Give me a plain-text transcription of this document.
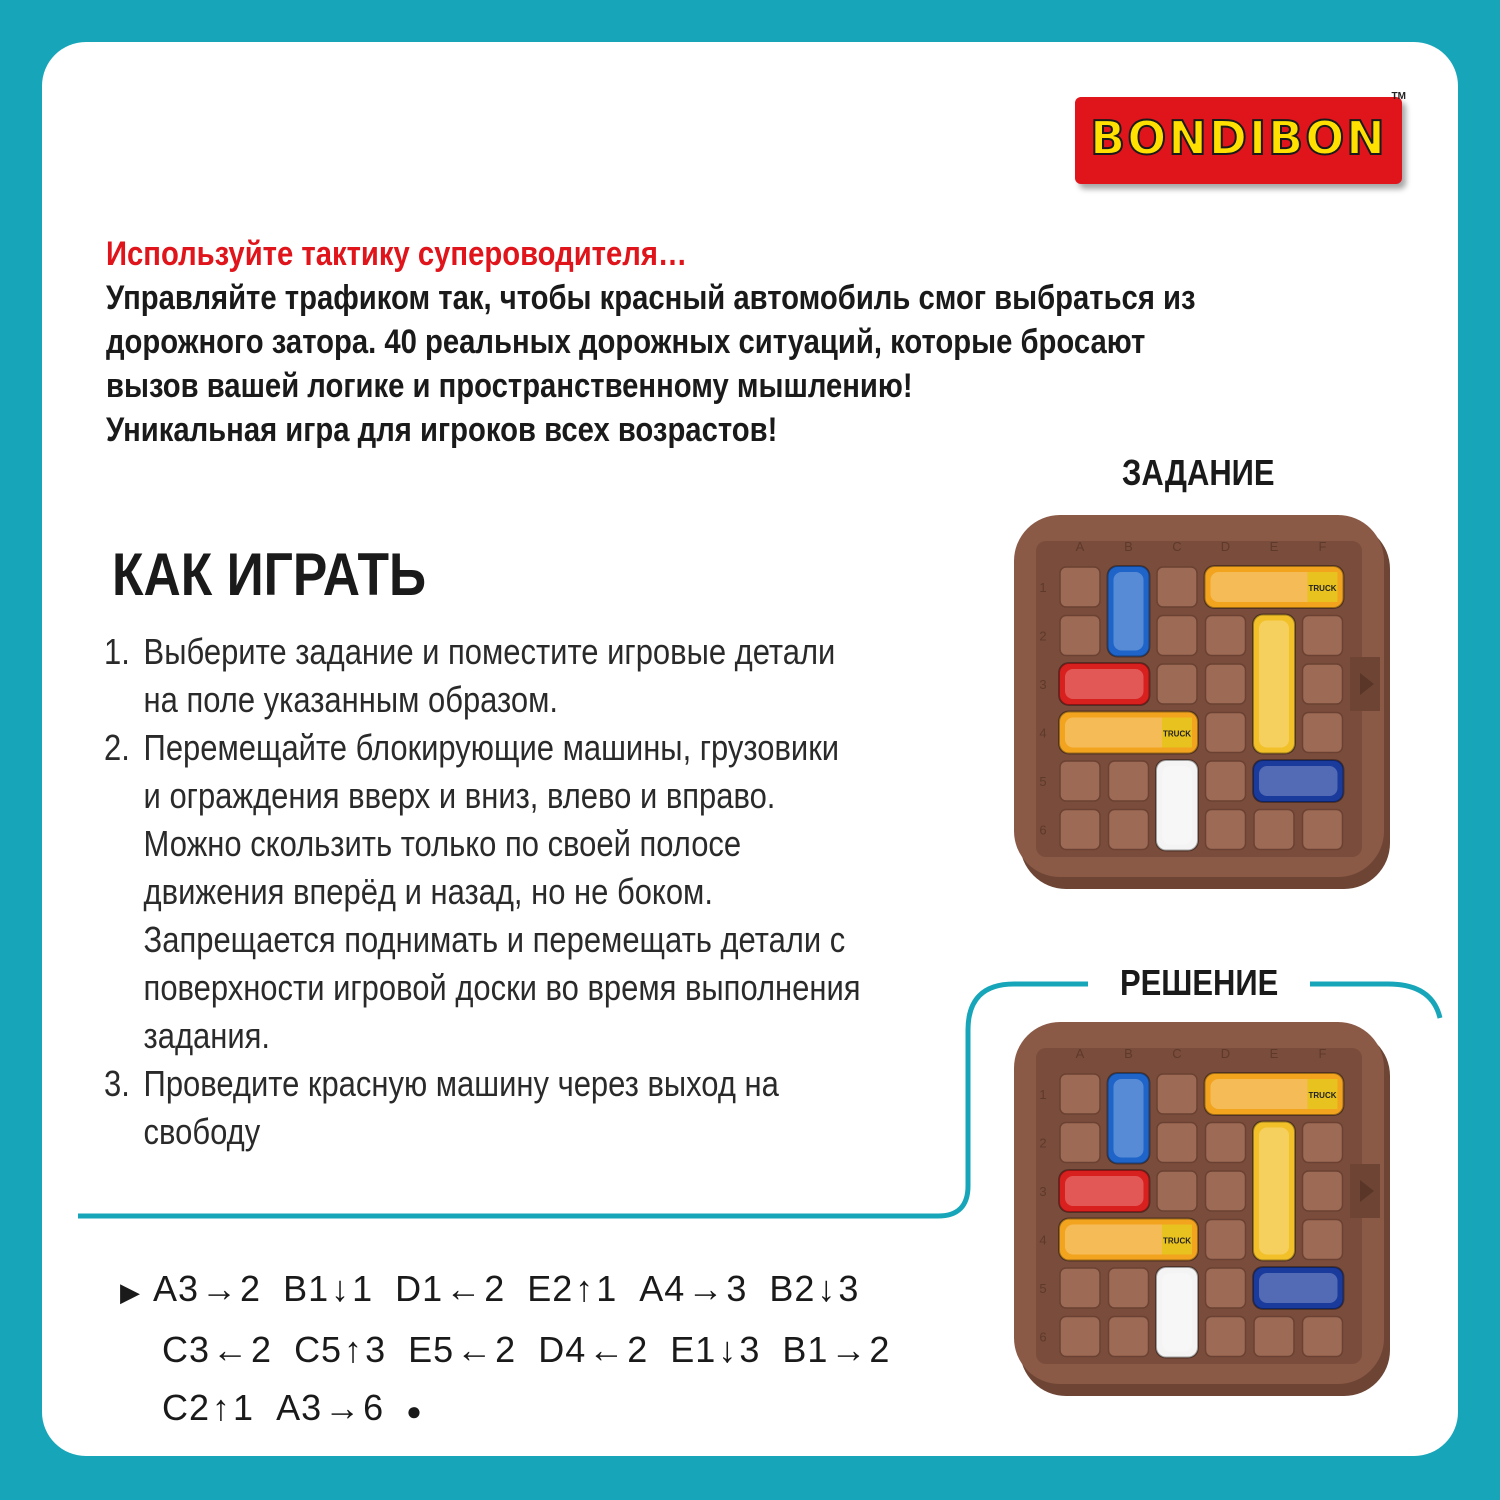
BONDIBON
TM
Используйте тактику супероводителя…
Управляйте трафиком так, чтобы красный автомобиль смог выбраться из
дорожного затора. 40 реальных дорожных ситуаций, которые бросают
вызов вашей логике и пространственному мышлению!
Уникальная игра для игроков всех возрастов!
КАК ИГРАТЬ
1. Выберите задание и поместите игровые детали
на поле указанным образом.
2. Перемещайте блокирующие машины, грузовики
и ограждения вверх и вниз, влево и вправо.
Можно скользить только по своей полосе
движения вперёд и назад, но не боком.
Запрещается поднимать и перемещать детали с
поверхности игровой доски во время выполнения
задания.
3. Проведите красную машину через выход на
свободу
ЗАДАНИЕ
РЕШЕНИЕ
A	B	C	D	E	F
1
2
3
4
5
6
TRUCK
TRUCK
A	B	C	D	E	F
1
2
3
4
5
6
TRUCK
TRUCK
▶ A3→2 B1↓1 D1←2 E2↑1 A4→3 B2↓3
C3←2 C5↑3 E5←2 D4←2 E1↓3 B1→2
C2↑1 A3→6 ●
